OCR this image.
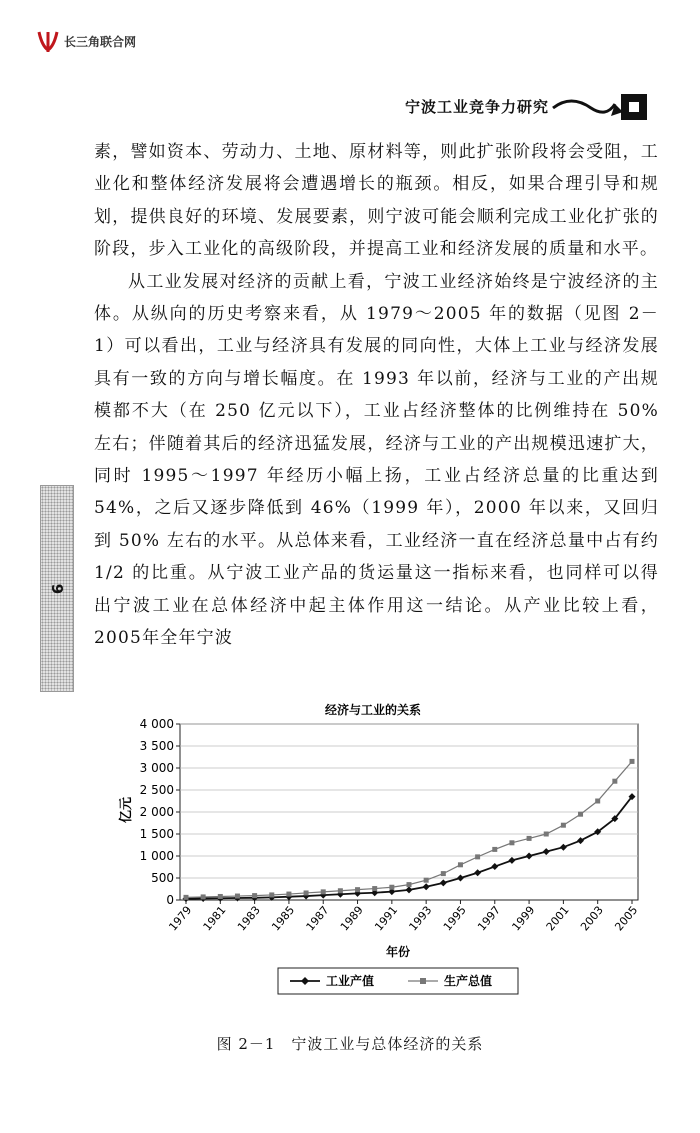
长三角联合网
宁波工业竞争力研究
9

素，譬如资本、劳动力、土地、原材料等，则此扩张阶段将会受阻，工业化和整体经济发展将会遭遇增长的瓶颈。相反，如果合理引导和规划，提供良好的环境、发展要素，则宁波可能会顺利完成工业化扩张的阶段，步入工业化的高级阶段，并提高工业和经济发展的质量和水平。

从工业发展对经济的贡献上看，宁波工业经济始终是宁波经济的主体。从纵向的历史考察来看，从 1979～2005 年的数据（见图 2－1）可以看出，工业与经济具有发展的同向性，大体上工业与经济发展具有一致的方向与增长幅度。在 1993 年以前，经济与工业的产出规模都不大（在 250 亿元以下），工业占经济整体的比例维持在 50% 左右；伴随着其后的经济迅猛发展，经济与工业的产出规模迅速扩大，同时 1995～1997 年经历小幅上扬，工业占经济总量的比重达到 54%，之后又逐步降低到 46%（1999 年），2000 年以来，又回归到 50% 左右的水平。从总体来看，工业经济一直在经济总量中占有约 1/2 的比重。从宁波工业产品的货运量这一指标来看，也同样可以得出宁波工业在总体经济中起主体作用这一结论。从产业比较上看，2005年全年宁波

经济与工业的关系
亿元
年份
0
500
1 000
1 500
2 000
2 500
3 000
3 500
4 000
1979 1981 1983 1985 1987 1989 1991 1993 1995 1997 1999 2001 2003 2005
工业产值	生产总值
图 2－1　宁波工业与总体经济的关系
